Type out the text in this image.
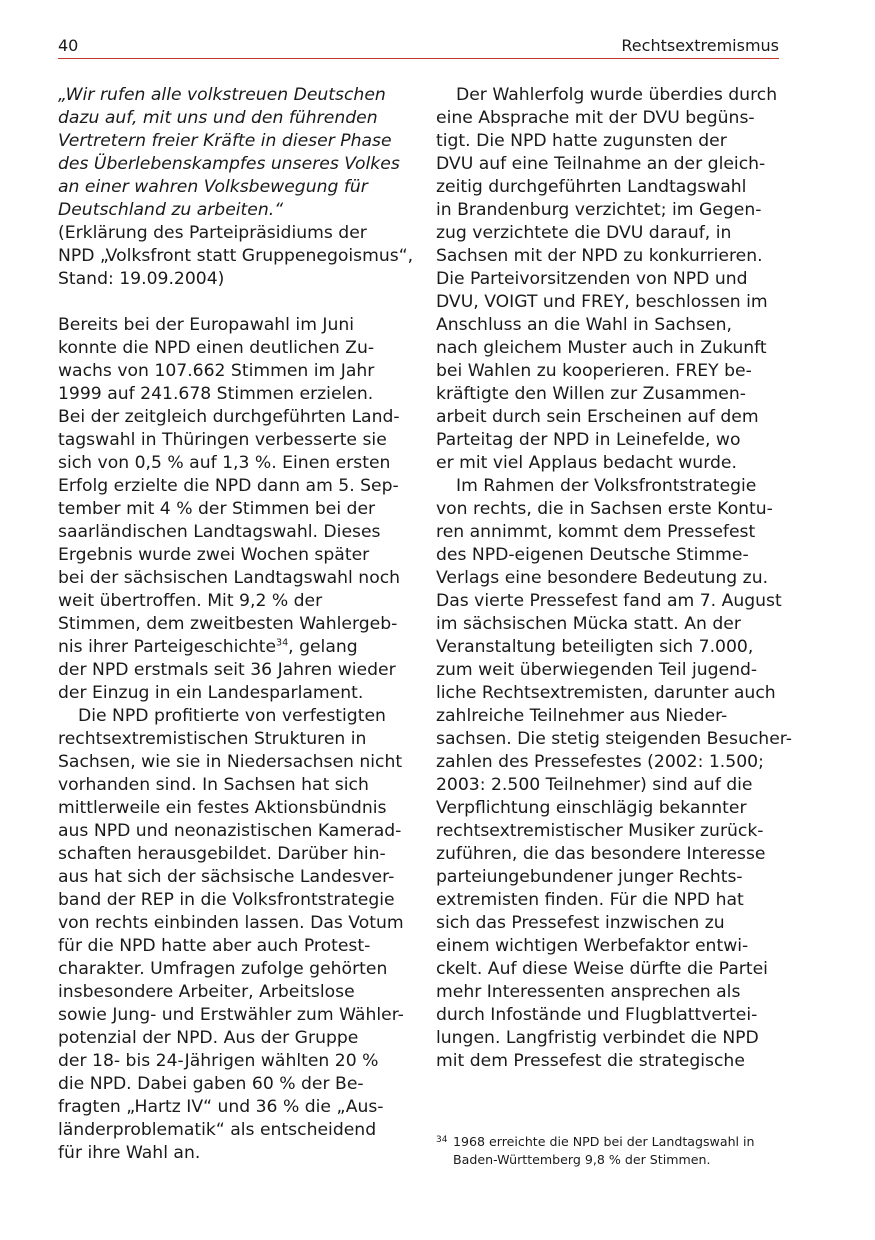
40	Rechtsextremismus
„Wir rufen alle volkstreuen Deutschen
dazu auf, mit uns und den führenden
Vertretern freier Kräfte in dieser Phase
des Überlebenskampfes unseres Volkes
an einer wahren Volksbewegung für
Deutschland zu arbeiten.“
(Erklärung des Parteipräsidiums der
NPD „Volksfront statt Gruppenegoismus“,
Stand: 19.09.2004)
Bereits bei der Europawahl im Juni
konnte die NPD einen deutlichen Zu-
wachs von 107.662 Stimmen im Jahr
1999 auf 241.678 Stimmen erzielen.
Bei der zeitgleich durchgeführten Land-
tagswahl in Thüringen verbesserte sie
sich von 0,5 % auf 1,3 %. Einen ersten
Erfolg erzielte die NPD dann am 5. Sep-
tember mit 4 % der Stimmen bei der
saarländischen Landtagswahl. Dieses
Ergebnis wurde zwei Wochen später
bei der sächsischen Landtagswahl noch
weit übertroffen. Mit 9,2 % der
Stimmen, dem zweitbesten Wahlergeb-
nis ihrer Parteigeschichte$^{34}$, gelang
der NPD erstmals seit 36 Jahren wieder
der Einzug in ein Landesparlament.
Die NPD profitierte von verfestigten
rechtsextremistischen Strukturen in
Sachsen, wie sie in Niedersachsen nicht
vorhanden sind. In Sachsen hat sich
mittlerweile ein festes Aktionsbündnis
aus NPD und neonazistischen Kamerad-
schaften herausgebildet. Darüber hin-
aus hat sich der sächsische Landesver-
band der REP in die Volksfrontstrategie
von rechts einbinden lassen. Das Votum
für die NPD hatte aber auch Protest-
charakter. Umfragen zufolge gehörten
insbesondere Arbeiter, Arbeitslose
sowie Jung- und Erstwähler zum Wähler-
potenzial der NPD. Aus der Gruppe
der 18- bis 24-Jährigen wählten 20 %
die NPD. Dabei gaben 60 % der Be-
fragten „Hartz IV“ und 36 % die „Aus-
länderproblematik“ als entscheidend
für ihre Wahl an.
Der Wahlerfolg wurde überdies durch
eine Absprache mit der DVU begüns-
tigt. Die NPD hatte zugunsten der
DVU auf eine Teilnahme an der gleich-
zeitig durchgeführten Landtagswahl
in Brandenburg verzichtet; im Gegen-
zug verzichtete die DVU darauf, in
Sachsen mit der NPD zu konkurrieren.
Die Parteivorsitzenden von NPD und
DVU, VOIGT und FREY, beschlossen im
Anschluss an die Wahl in Sachsen,
nach gleichem Muster auch in Zukunft
bei Wahlen zu kooperieren. FREY be-
kräftigte den Willen zur Zusammen-
arbeit durch sein Erscheinen auf dem
Parteitag der NPD in Leinefelde, wo
er mit viel Applaus bedacht wurde.
Im Rahmen der Volksfrontstrategie
von rechts, die in Sachsen erste Kontu-
ren annimmt, kommt dem Pressefest
des NPD-eigenen Deutsche Stimme-
Verlags eine besondere Bedeutung zu.
Das vierte Pressefest fand am 7. August
im sächsischen Mücka statt. An der
Veranstaltung beteiligten sich 7.000,
zum weit überwiegenden Teil jugend-
liche Rechtsextremisten, darunter auch
zahlreiche Teilnehmer aus Nieder-
sachsen. Die stetig steigenden Besucher-
zahlen des Pressefestes (2002: 1.500;
2003: 2.500 Teilnehmer) sind auf die
Verpflichtung einschlägig bekannter
rechtsextremistischer Musiker zurück-
zuführen, die das besondere Interesse
parteiungebundener junger Rechts-
extremisten finden. Für die NPD hat
sich das Pressefest inzwischen zu
einem wichtigen Werbefaktor entwi-
ckelt. Auf diese Weise dürfte die Partei
mehr Interessenten ansprechen als
durch Infostände und Flugblattvertei-
lungen. Langfristig verbindet die NPD
mit dem Pressefest die strategische
34 1968 erreichte die NPD bei der Landtagswahl in
Baden-Württemberg 9,8 % der Stimmen.
